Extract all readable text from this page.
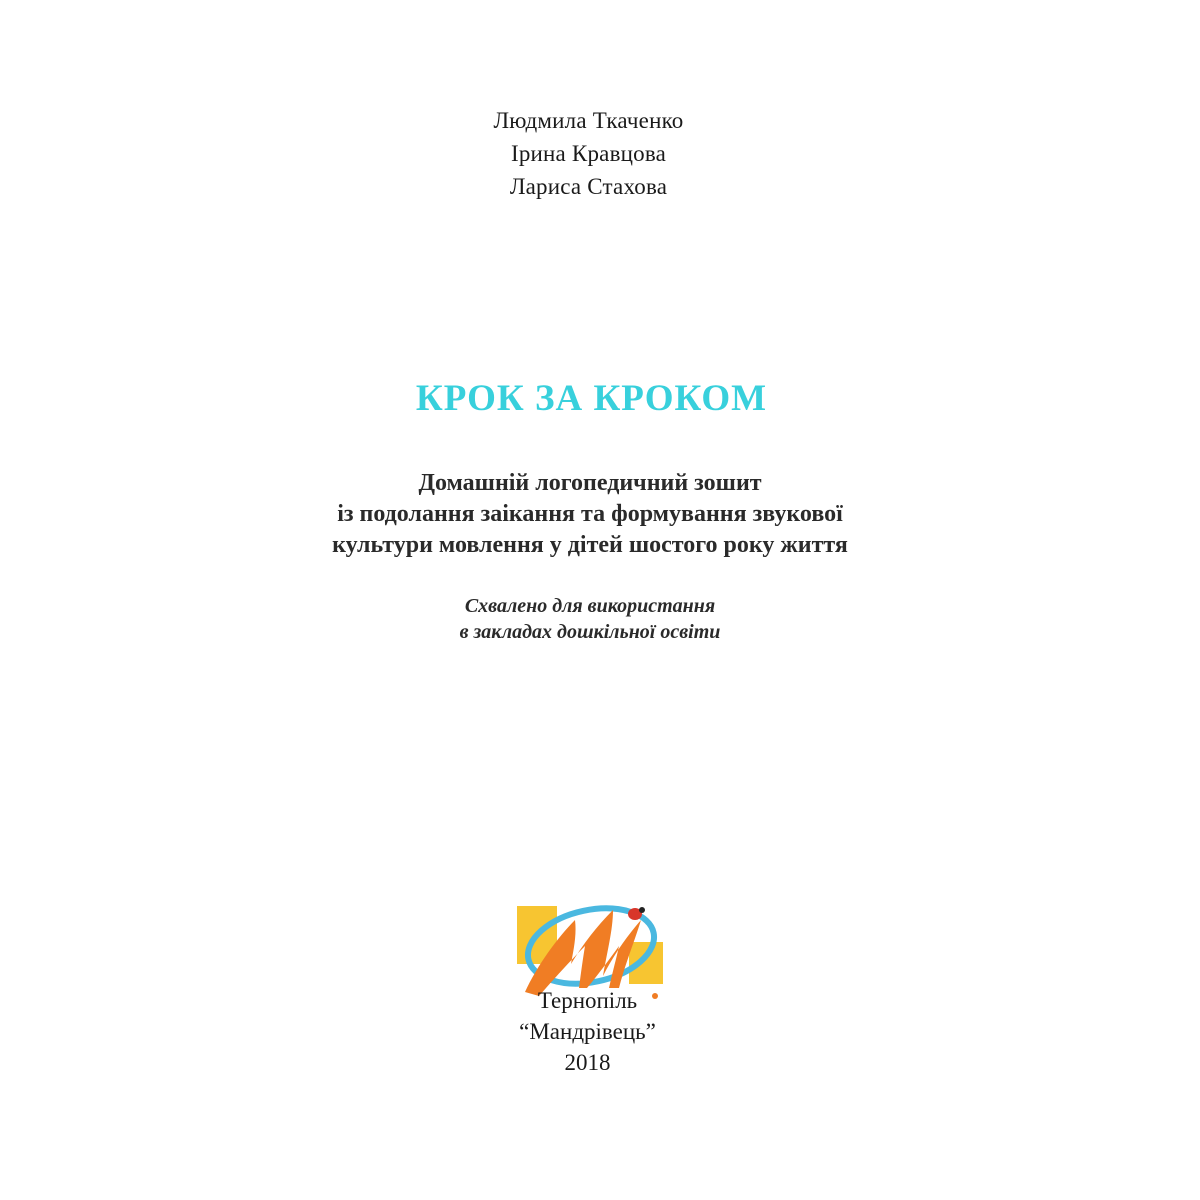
Людмила Ткаченко
Ірина Кравцова
Лариса Стахова
КРОК ЗА КРОКОМ
Домашній логопедичний зошит
із подолання заікання та формування звукової
культури мовлення у дітей шостого року життя
Схвалено для використання
в закладах дошкільної освіти
Тернопіль
“Мандрівець”
2018
